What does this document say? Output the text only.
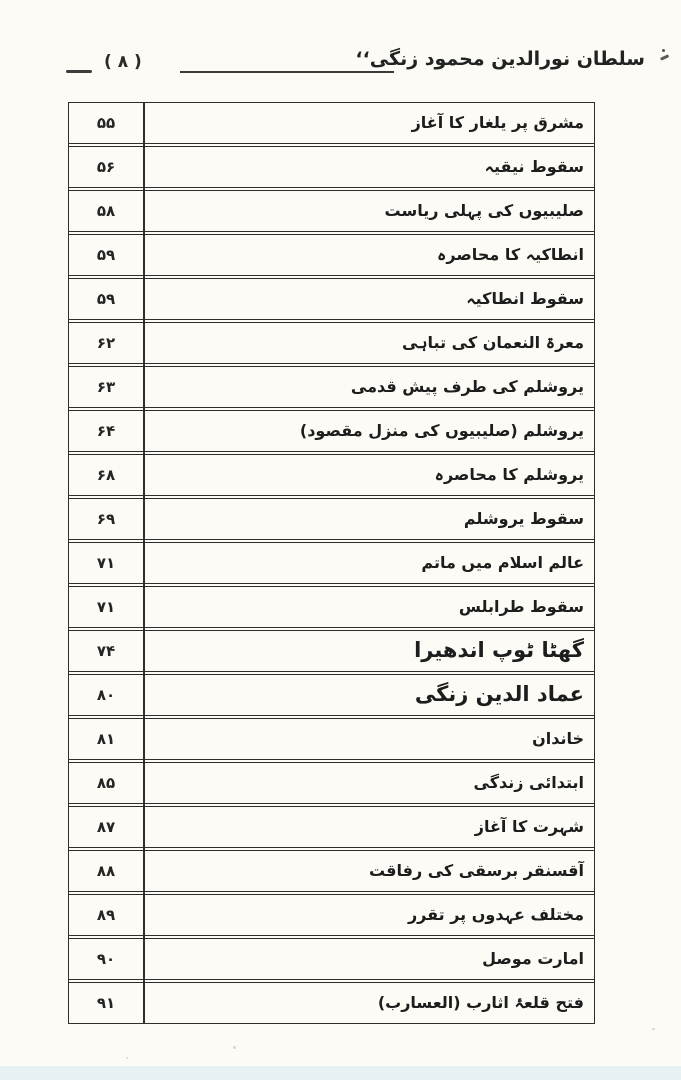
( ۸ )	سلطان نورالدین محمود زنگی‘‘
۵۵	مشرق پر یلغار کا آغاز
۵۶	سقوط نیقیہ
۵۸	صلیبیوں کی پہلی ریاست
۵۹	انطاکیہ کا محاصرہ
۵۹	سقوط انطاکیہ
۶۲	معرۃ النعمان کی تباہی
۶۳	یروشلم کی طرف پیش قدمی
۶۴	یروشلم (صلیبیوں کی منزل مقصود)
۶۸	یروشلم کا محاصرہ
۶۹	سقوط یروشلم
۷۱	عالم اسلام میں ماتم
۷۱	سقوط طرابلس
۷۴	گھٹا ٹوپ اندھیرا
۸۰	عماد الدین زنگی
۸۱	خاندان
۸۵	ابتدائی زندگی
۸۷	شہرت کا آغاز
۸۸	آقسنقر برسقی کی رفاقت
۸۹	مختلف عہدوں پر تقرر
۹۰	امارت موصل
۹۱	فتح قلعۂ اثارب (العسارب)
